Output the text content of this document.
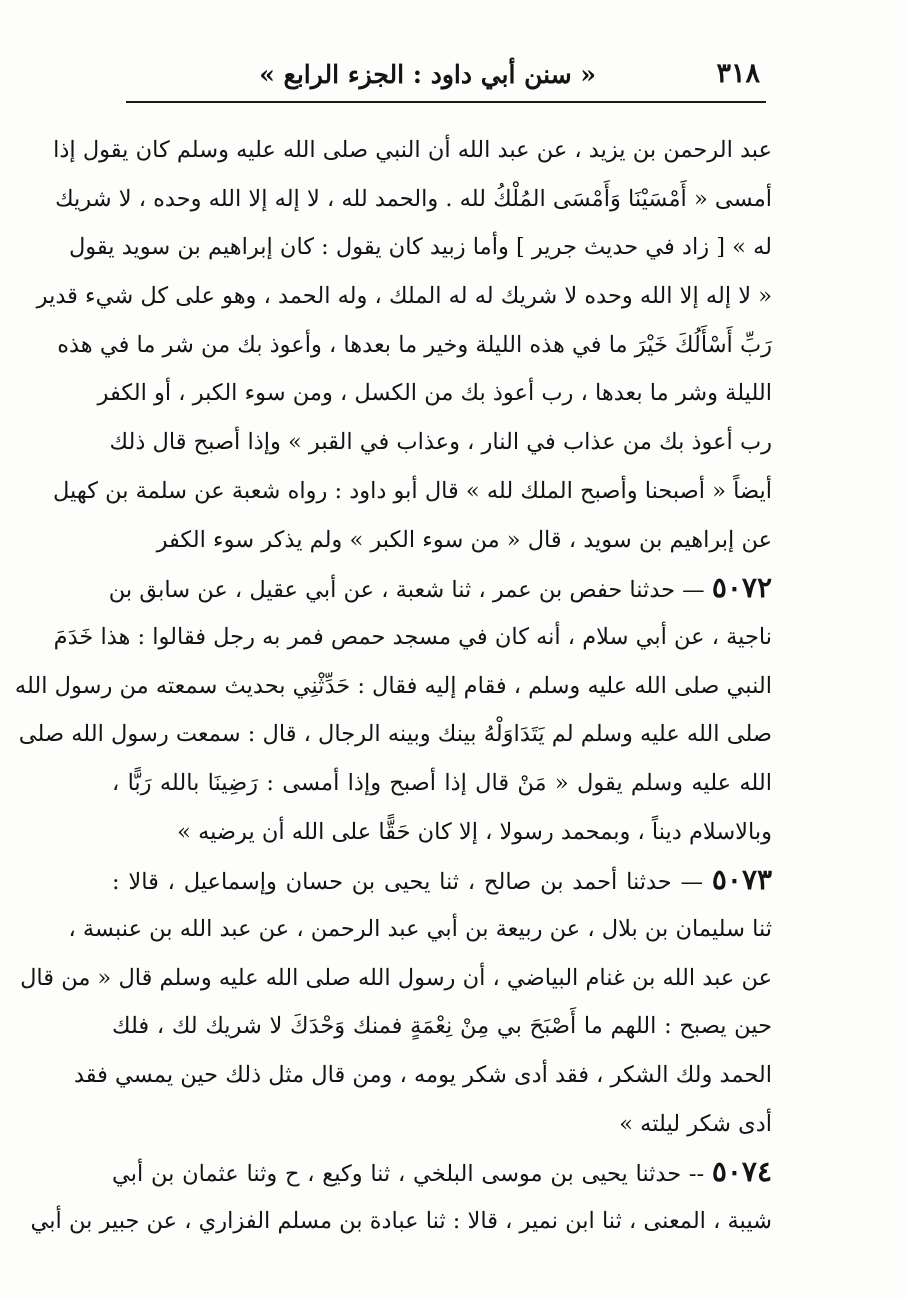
٣١٨
« سنن أبي داود : الجزء الرابع »
عبد الرحمن بن يزيد ، عن عبد الله أن النبي صلى الله عليه وسلم كان يقول إذا
أمسى « أَمْسَيْنَا وَأَمْسَى المُلْكُ لله . والحمد لله ، لا إله إلا الله وحده ، لا شريك
له » [ زاد في حديث جرير ] وأما زبيد كان يقول : كان إبراهيم بن سويد يقول
« لا إله إلا الله وحده لا شريك له له الملك ، وله الحمد ، وهو على كل شيء قدير
رَبِّ أَسْأَلُكَ خَيْرَ ما في هذه الليلة وخير ما بعدها ، وأعوذ بك من شر ما في هذه
الليلة وشر ما بعدها ، رب أعوذ بك من الكسل ، ومن سوء الكبر ، أو الكفر
رب أعوذ بك من عذاب في النار ، وعذاب في القبر » وإذا أصبح قال ذلك
أيضاً « أصبحنا وأصبح الملك لله » قال أبو داود : رواه شعبة عن سلمة بن كهيل
عن إبراهيم بن سويد ، قال « من سوء الكبر » ولم يذكر سوء الكفر
٥٠٧٢ — حدثنا حفص بن عمر ، ثنا شعبة ، عن أبي عقيل ، عن سابق بن
ناجية ، عن أبي سلام ، أنه كان في مسجد حمص فمر به رجل فقالوا : هذا خَدَمَ
النبي صلى الله عليه وسلم ، فقام إليه فقال : حَدِّثْنِي بحديث سمعته من رسول الله
صلى الله عليه وسلم لم يَتَدَاوَلْهُ بينك وبينه الرجال ، قال : سمعت رسول الله صلى
الله عليه وسلم يقول « مَنْ قال إذا أصبح وإذا أمسى : رَضِينَا بالله رَبًّا ،
وبالاسلام ديناً ، وبمحمد رسولا ، إلا كان حَقًّا على الله أن يرضيه »
٥٠٧٣ — حدثنا أحمد بن صالح ، ثنا يحيى بن حسان وإسماعيل ، قالا :
ثنا سليمان بن بلال ، عن ربيعة بن أبي عبد الرحمن ، عن عبد الله بن عنبسة ،
عن عبد الله بن غنام البياضي ، أن رسول الله صلى الله عليه وسلم قال « من قال
حين يصبح : اللهم ما أَصْبَحَ بي مِنْ نِعْمَةٍ فمنك وَحْدَكَ لا شريك لك ، فلك
الحمد ولك الشكر ، فقد أدى شكر يومه ، ومن قال مثل ذلك حين يمسي فقد
أدى شكر ليلته »
٥٠٧٤ -- حدثنا يحيى بن موسى البلخي ، ثنا وكيع ، ح وثنا عثمان بن أبي
شيبة ، المعنى ، ثنا ابن نمير ، قالا : ثنا عبادة بن مسلم الفزاري ، عن جبير بن أبي
